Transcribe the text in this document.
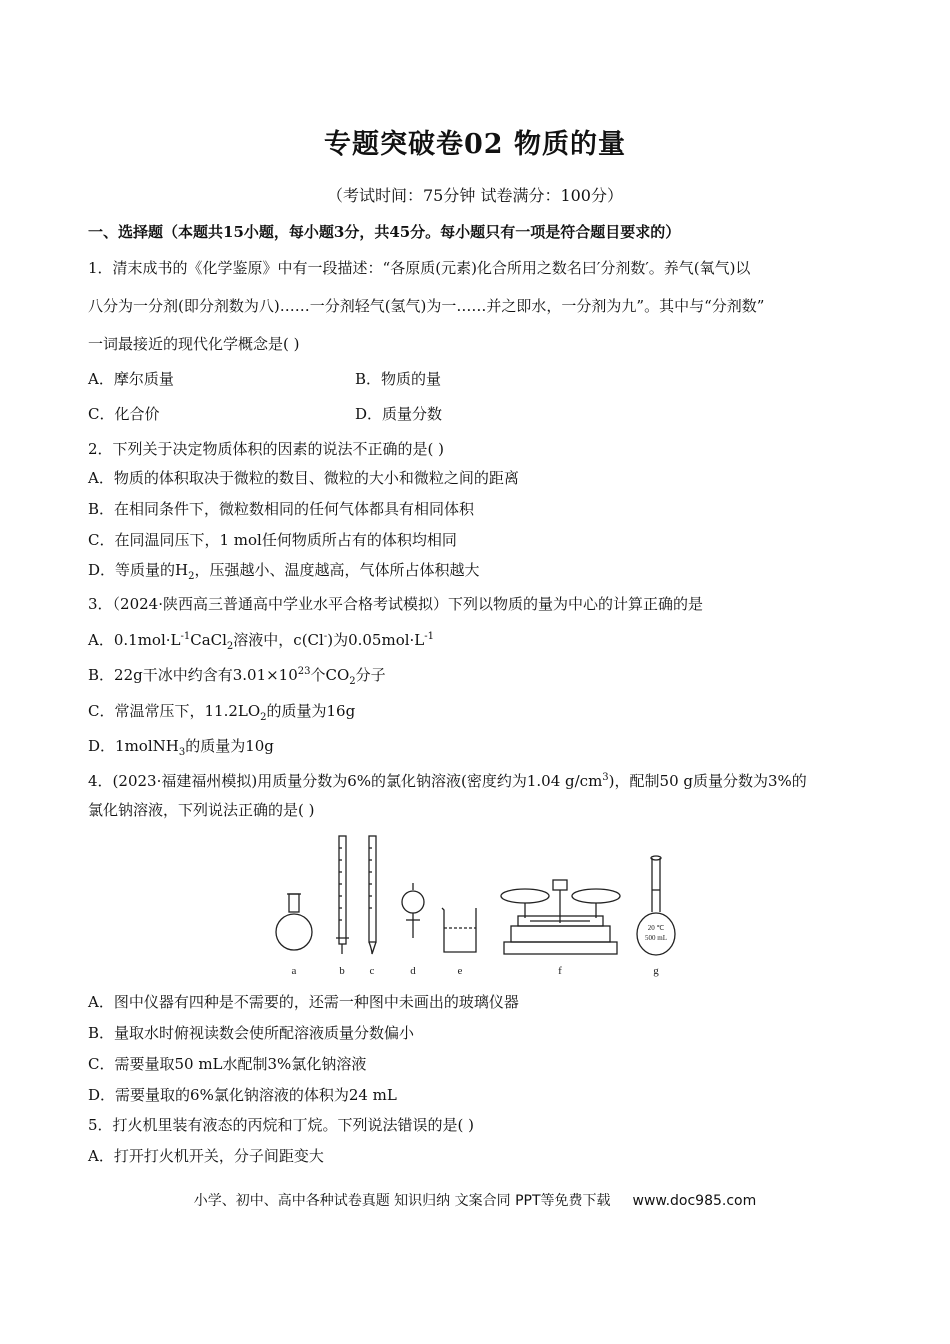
专题突破卷02 物质的量
（考试时间：75分钟 试卷满分：100分）
一、选择题（本题共15小题，每小题3分，共45分。每小题只有一项是符合题目要求的）
1．清末成书的《化学鉴原》中有一段描述：“各原质(元素)化合所用之数名曰′分剂数′。养气(氧气)以
八分为一分剂(即分剂数为八)……一分剂轻气(氢气)为一……并之即水，一分剂为九”。其中与“分剂数”
一词最接近的现代化学概念是( )
A．摩尔质量	B．物质的量
C．化合价	D．质量分数
2．下列关于决定物质体积的因素的说法不正确的是( )
A．物质的体积取决于微粒的数目、微粒的大小和微粒之间的距离
B．在相同条件下，微粒数相同的任何气体都具有相同体积
C．在同温同压下，1 mol任何物质所占有的体积均相同
D．等质量的$H_2$，压强越小、温度越高，气体所占体积越大
3．（2024·陕西高三普通高中学业水平合格考试模拟）下列以物质的量为中心的计算正确的是
A．$0.1mol\cdot L^{-1}CaCl_2$溶液中，c(Cl-)为$0.05mol\cdot L^{-1}$
B．22g干冰中约含有$3.01\times 10^{23}$个$CO_2$分子
C．常温常压下，$11.2LO_2$的质量为16g
D．1molNH$_3$的质量为10g
4．(2023·福建福州模拟)用质量分数为6%的氯化钠溶液(密度约为1.04 $g/cm^3$)，配制50 g质量分数为3%的
氯化钠溶液，下列说法正确的是( )
20 ℃
500 mL
a	b c	d	e	f	g
A．图中仪器有四种是不需要的，还需一种图中未画出的玻璃仪器
B．量取水时俯视读数会使所配溶液质量分数偏小
C．需要量取50 mL水配制3%氯化钠溶液
D．需要量取的6%氯化钠溶液的体积为24 mL
5．打火机里装有液态的丙烷和丁烷。下列说法错误的是( )
A．打开打火机开关，分子间距变大
小学、初中、高中各种试卷真题 知识归纳 文案合同 PPT等免费下载 www.doc985.com
